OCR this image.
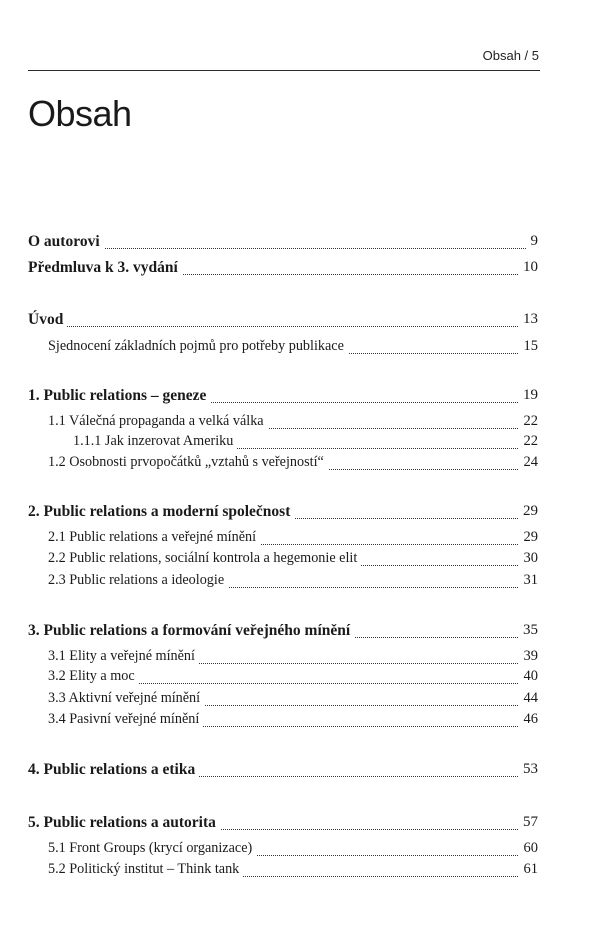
Obsah / 5
Obsah
O autorovi	9
Předmluva k 3. vydání	10
Úvod	13
Sjednocení základních pojmů pro potřeby publikace	15
1. Public relations – geneze	19
1.1 Válečná propaganda a velká válka	22
1.1.1 Jak inzerovat Ameriku	22
1.2 Osobnosti prvopočátků „vztahů s veřejností“	24
2. Public relations a moderní společnost	29
2.1 Public relations a veřejné mínění	29
2.2 Public relations, sociální kontrola a hegemonie elit	30
2.3 Public relations a ideologie	31
3. Public relations a formování veřejného mínění	35
3.1 Elity a veřejné mínění	39
3.2 Elity a moc	40
3.3 Aktivní veřejné mínění	44
3.4 Pasivní veřejné mínění	46
4. Public relations a etika	53
5. Public relations a autorita	57
5.1 Front Groups (krycí organizace)	60
5.2 Politický institut – Think tank	61
